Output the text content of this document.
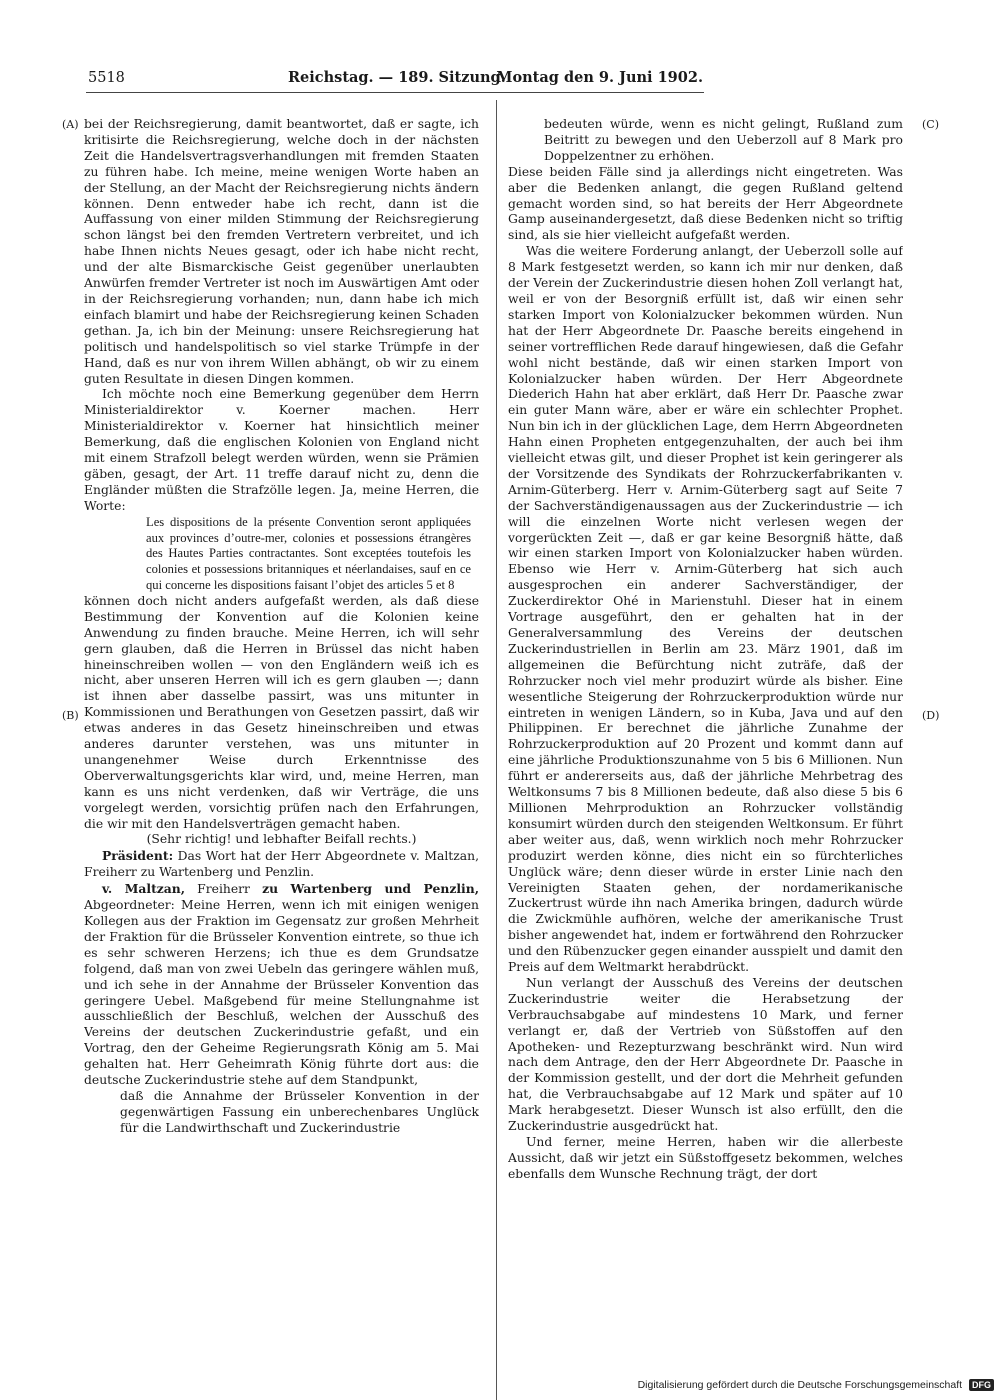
5518	Reichstag. — 189. Sitzung.
Montag den 9. Juni 1902.
(A)
(B)
(C)
(D)

bei der Reichsregierung, damit beantwortet, daß er sagte, ich kritisirte die Reichsregierung, welche doch in der nächsten Zeit die Handelsvertragsverhandlungen mit fremden Staaten zu führen habe. Ich meine, meine wenigen Worte haben an der Stellung, an der Macht der Reichsregierung nichts ändern können. Denn entweder habe ich recht, dann ist die Auffassung von einer milden Stimmung der Reichsregierung schon längst bei den fremden Vertretern verbreitet, und ich habe Ihnen nichts Neues gesagt, oder ich habe nicht recht, und der alte Bismarckische Geist gegenüber unerlaubten Anwürfen fremder Vertreter ist noch im Auswärtigen Amt oder in der Reichsregierung vorhanden; nun, dann habe ich mich einfach blamirt und habe der Reichsregierung keinen Schaden gethan. Ja, ich bin der Meinung: unsere Reichsregierung hat politisch und handelspolitisch so viel starke Trümpfe in der Hand, daß es nur von ihrem Willen abhängt, ob wir zu einem guten Resultate in diesen Dingen kommen.

Ich möchte noch eine Bemerkung gegenüber dem Herrn Ministerialdirektor v. Koerner machen. Herr Ministerialdirektor v. Koerner hat hinsichtlich meiner Bemerkung, daß die englischen Kolonien von England nicht mit einem Strafzoll belegt werden würden, wenn sie Prämien gäben, gesagt, der Art. 11 treffe darauf nicht zu, denn die Engländer müßten die Strafzölle legen. Ja, meine Herren, die Worte:

Les dispositions de la présente Convention seront appliquées aux provinces d’outre-mer, colonies et possessions étrangères des Hautes Parties contractantes. Sont exceptées toutefois les colonies et possessions britanniques et néerlandaises, sauf en ce qui concerne les dispositions faisant l’objet des articles 5 et 8

können doch nicht anders aufgefaßt werden, als daß diese Bestimmung der Konvention auf die Kolonien keine Anwendung zu finden brauche. Meine Herren, ich will sehr gern glauben, daß die Herren in Brüssel das nicht haben hineinschreiben wollen — von den Engländern weiß ich es nicht, aber unseren Herren will ich es gern glauben —; dann ist ihnen aber dasselbe passirt, was uns mitunter in Kommissionen und Berathungen von Gesetzen passirt, daß wir etwas anderes in das Gesetz hineinschreiben und etwas anderes darunter verstehen, was uns mitunter in unangenehmer Weise durch Erkenntnisse des Oberverwaltungsgerichts klar wird, und, meine Herren, man kann es uns nicht verdenken, daß wir Verträge, die uns vorgelegt werden, vorsichtig prüfen nach den Erfahrungen, die wir mit den Handelsverträgen gemacht haben.

(Sehr richtig! und lebhafter Beifall rechts.)

Präsident: Das Wort hat der Herr Abgeordnete v. Maltzan, Freiherr zu Wartenberg und Penzlin.

v. Maltzan, Freiherr zu Wartenberg und Penzlin, Abgeordneter: Meine Herren, wenn ich mit einigen wenigen Kollegen aus der Fraktion im Gegensatz zur großen Mehrheit der Fraktion für die Brüsseler Konvention eintrete, so thue ich es sehr schweren Herzens; ich thue es dem Grundsatze folgend, daß man von zwei Uebeln das geringere wählen muß, und ich sehe in der Annahme der Brüsseler Konvention das geringere Uebel. Maßgebend für meine Stellungnahme ist ausschließlich der Beschluß, welchen der Ausschuß des Vereins der deutschen Zuckerindustrie gefaßt, und ein Vortrag, den der Geheime Regierungsrath König am 5. Mai gehalten hat. Herr Geheimrath König führte dort aus: die deutsche Zuckerindustrie stehe auf dem Standpunkt,

daß die Annahme der Brüsseler Konvention in der gegenwärtigen Fassung ein unberechenbares Unglück für die Landwirthschaft und Zuckerindustrie

bedeuten würde, wenn es nicht gelingt, Rußland zum Beitritt zu bewegen und den Ueberzoll auf 8 Mark pro Doppelzentner zu erhöhen.

Diese beiden Fälle sind ja allerdings nicht eingetreten. Was aber die Bedenken anlangt, die gegen Rußland geltend gemacht worden sind, so hat bereits der Herr Abgeordnete Gamp auseinandergesetzt, daß diese Bedenken nicht so triftig sind, als sie hier vielleicht aufgefaßt werden.

Was die weitere Forderung anlangt, der Ueberzoll solle auf 8 Mark festgesetzt werden, so kann ich mir nur denken, daß der Verein der Zuckerindustrie diesen hohen Zoll verlangt hat, weil er von der Besorgniß erfüllt ist, daß wir einen sehr starken Import von Kolonialzucker bekommen würden. Nun hat der Herr Abgeordnete Dr. Paasche bereits eingehend in seiner vortrefflichen Rede darauf hingewiesen, daß die Gefahr wohl nicht bestände, daß wir einen starken Import von Kolonialzucker haben würden. Der Herr Abgeordnete Diederich Hahn hat aber erklärt, daß Herr Dr. Paasche zwar ein guter Mann wäre, aber er wäre ein schlechter Prophet. Nun bin ich in der glücklichen Lage, dem Herrn Abgeordneten Hahn einen Propheten entgegenzuhalten, der auch bei ihm vielleicht etwas gilt, und dieser Prophet ist kein geringerer als der Vorsitzende des Syndikats der Rohrzuckerfabrikanten v. Arnim-Güterberg. Herr v. Arnim-Güterberg sagt auf Seite 7 der Sachverständigenaussagen aus der Zuckerindustrie — ich will die einzelnen Worte nicht verlesen wegen der vorgerückten Zeit —, daß er gar keine Besorgniß hätte, daß wir einen starken Import von Kolonialzucker haben würden. Ebenso wie Herr v. Arnim-Güterberg hat sich auch ausgesprochen ein anderer Sachverständiger, der Zuckerdirektor Ohé in Marienstuhl. Dieser hat in einem Vortrage ausgeführt, den er gehalten hat in der Generalversammlung des Vereins der deutschen Zuckerindustriellen in Berlin am 23. März 1901, daß im allgemeinen die Befürchtung nicht zuträfe, daß der Rohrzucker noch viel mehr produzirt würde als bisher. Eine wesentliche Steigerung der Rohrzuckerproduktion würde nur eintreten in wenigen Ländern, so in Kuba, Java und auf den Philippinen. Er berechnet die jährliche Zunahme der Rohrzuckerproduktion auf 20 Prozent und kommt dann auf eine jährliche Produktionszunahme von 5 bis 6 Millionen. Nun führt er andererseits aus, daß der jährliche Mehrbetrag des Weltkonsums 7 bis 8 Millionen bedeute, daß also diese 5 bis 6 Millionen Mehrproduktion an Rohrzucker vollständig konsumirt würden durch den steigenden Weltkonsum. Er führt aber weiter aus, daß, wenn wirklich noch mehr Rohrzucker produzirt werden könne, dies nicht ein so fürchterliches Unglück wäre; denn dieser würde in erster Linie nach den Vereinigten Staaten gehen, der nordamerikanische Zuckertrust würde ihn nach Amerika bringen, dadurch würde die Zwickmühle aufhören, welche der amerikanische Trust bisher angewendet hat, indem er fortwährend den Rohrzucker und den Rübenzucker gegen einander ausspielt und damit den Preis auf dem Weltmarkt herabdrückt.

Nun verlangt der Ausschuß des Vereins der deutschen Zuckerindustrie weiter die Herabsetzung der Verbrauchsabgabe auf mindestens 10 Mark, und ferner verlangt er, daß der Vertrieb von Süßstoffen auf den Apotheken- und Rezepturzwang beschränkt wird. Nun wird nach dem Antrage, den der Herr Abgeordnete Dr. Paasche in der Kommission gestellt, und der dort die Mehrheit gefunden hat, die Verbrauchsabgabe auf 12 Mark und später auf 10 Mark herabgesetzt. Dieser Wunsch ist also erfüllt, den die Zuckerindustrie ausgedrückt hat.

Und ferner, meine Herren, haben wir die allerbeste Aussicht, daß wir jetzt ein Süßstoffgesetz bekommen, welches ebenfalls dem Wunsche Rechnung trägt, der dort

Digitalisierung gefördert durch die Deutsche Forschungsgemeinschaft DFG
